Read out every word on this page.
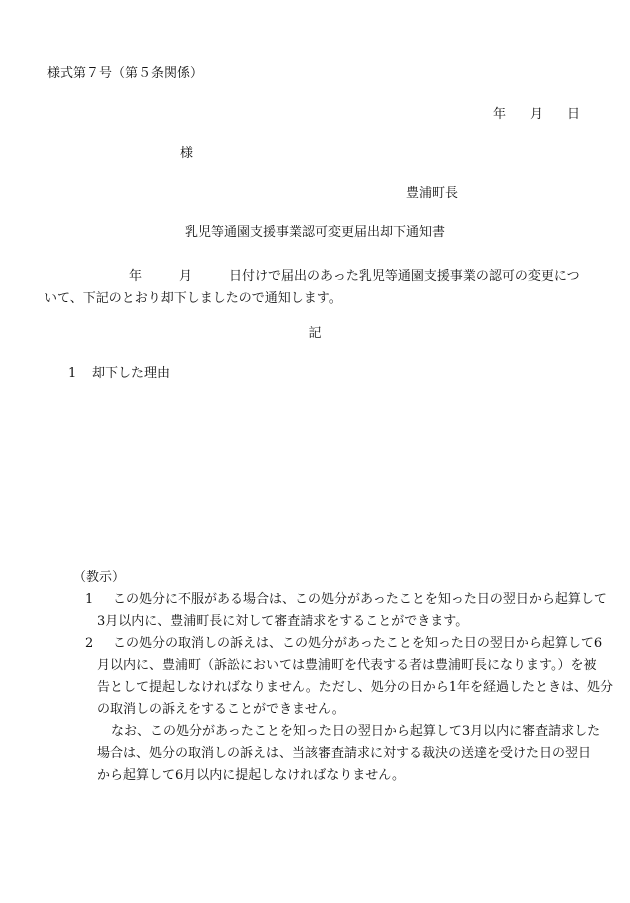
様式第７号（第５条関係）
年 月 日
様
豊浦町長
乳児等通園支援事業認可変更届出却下通知書
年	月	日付けで届出のあった乳児等通園支援事業の認可の変更につ
いて、下記のとおり却下しましたので通知します。
記
1 却下した理由
（教示）
1	この処分に不服がある場合は、この処分があったことを知った日の翌日から起算して
3月以内に、豊浦町長に対して審査請求をすることができます。
2	この処分の取消しの訴えは、この処分があったことを知った日の翌日から起算して6
月以内に、豊浦町（訴訟においては豊浦町を代表する者は豊浦町長になります。）を被
告として提起しなければなりません。ただし、処分の日から1年を経過したときは、処分
の取消しの訴えをすることができません。
なお、この処分があったことを知った日の翌日から起算して3月以内に審査請求した
場合は、処分の取消しの訴えは、当該審査請求に対する裁決の送達を受けた日の翌日
から起算して6月以内に提起しなければなりません。
